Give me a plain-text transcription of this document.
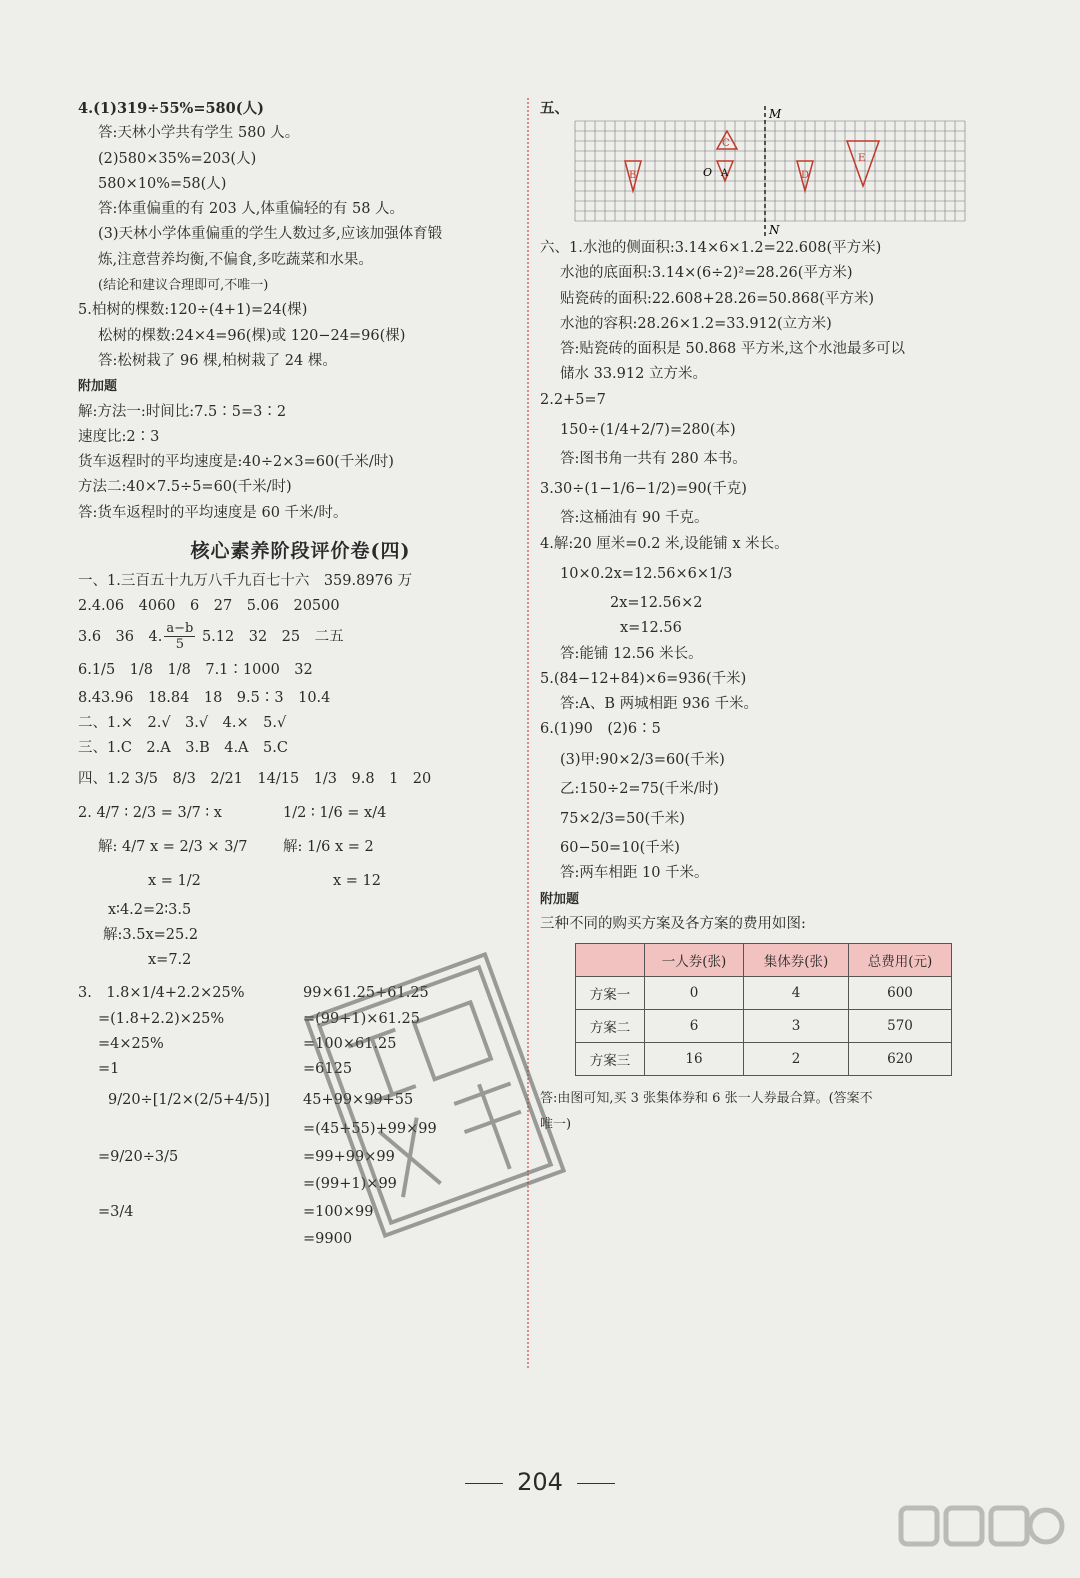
4.(1)319÷55%=580(人)
答:天林小学共有学生 580 人。
(2)580×35%=203(人)
580×10%=58(人)
答:体重偏重的有 203 人,体重偏轻的有 58 人。
(3)天林小学体重偏重的学生人数过多,应该加强体育锻
炼,注意营养均衡,不偏食,多吃蔬菜和水果。
(结论和建议合理即可,不唯一)
5.柏树的棵数:120÷(4+1)=24(棵)
松树的棵数:24×4=96(棵)或 120−24=96(棵)
答:松树栽了 96 棵,柏树栽了 24 棵。
附加题
解:方法一:时间比:7.5∶5=3∶2
速度比:2∶3
货车返程时的平均速度是:40÷2×3=60(千米/时)
方法二:40×7.5÷5=60(千米/时)
答:货车返程时的平均速度是 60 千米/时。
核心素养阶段评价卷(四)
一、1.三百五十九万八千九百七十六　359.8976 万
2.4.06　4060　6　27　5.06　20500
3.6　36　4. $\frac{a-b}{5} 5.12$　32　25　二五
6.1/5　1/8　1/8　7.1∶1000　32
8.43.96　18.84　18　9.5∶3　10.4
二、1.×　2.√　3.√　4.×　5.√
三、1.C　2.A　3.B　4.A　5.C
四、1.2 3/5　8/3　2/21　14/15　1/3　9.8　1　20
2. 4/7 ∶ 2/3 = 3/7 ∶ x	1/2 ∶ 1/6 = x/4
解: 4/7 x = 2/3 × 3/7 解: 1/6 x = 2
x = 1/2	x = 12
x∶4.2=2∶3.5
解:3.5x=25.2
x=7.2
3.　1.8×1/4+2.2×25%	99×61.25+61.25
=(1.8+2.2)×25%	=(99+1)×61.25
=4×25%	=100×61.25
=1	=6125
9/20÷[1/2×(2/5+4/5)] 45+99×99+55
=(45+55)+99×99
=9/20÷3/5	=99+99×99
=(99+1)×99
=3/4	=100×99
=9900
五、	M
N
O A
B
C
D
E
六、1.水池的侧面积:3.14×6×1.2=22.608(平方米)
水池的底面积:3.14×(6÷2)²=28.26(平方米)
贴瓷砖的面积:22.608+28.26=50.868(平方米)
水池的容积:28.26×1.2=33.912(立方米)
答:贴瓷砖的面积是 50.868 平方米,这个水池最多可以
储水 33.912 立方米。
2.2+5=7
150÷(1/4+2/7)=280(本)
答:图书角一共有 280 本书。
3.30÷(1−1/6−1/2)=90(千克)
答:这桶油有 90 千克。
4.解:20 厘米=0.2 米,设能铺 x 米长。
10×0.2x=12.56×6×1/3
2x=12.56×2
x=12.56
答:能铺 12.56 米长。
5.(84−12+84)×6=936(千米)
答:A、B 两城相距 936 千米。
6.(1)90　(2)6∶5
(3)甲:90×2/3=60(千米)
乙:150÷2=75(千米/时)
75×2/3=50(千米)
60−50=10(千米)
答:两车相距 10 千米。
附加题
三种不同的购买方案及各方案的费用如图:
	一人券(张)	集体券(张)	总费用(元)
方案一	0	4	600
方案二	6	3	570
方案三	16	2	620
答:由图可知,买 3 张集体券和 6 张一人券最合算。(答案不
唯一)
204
